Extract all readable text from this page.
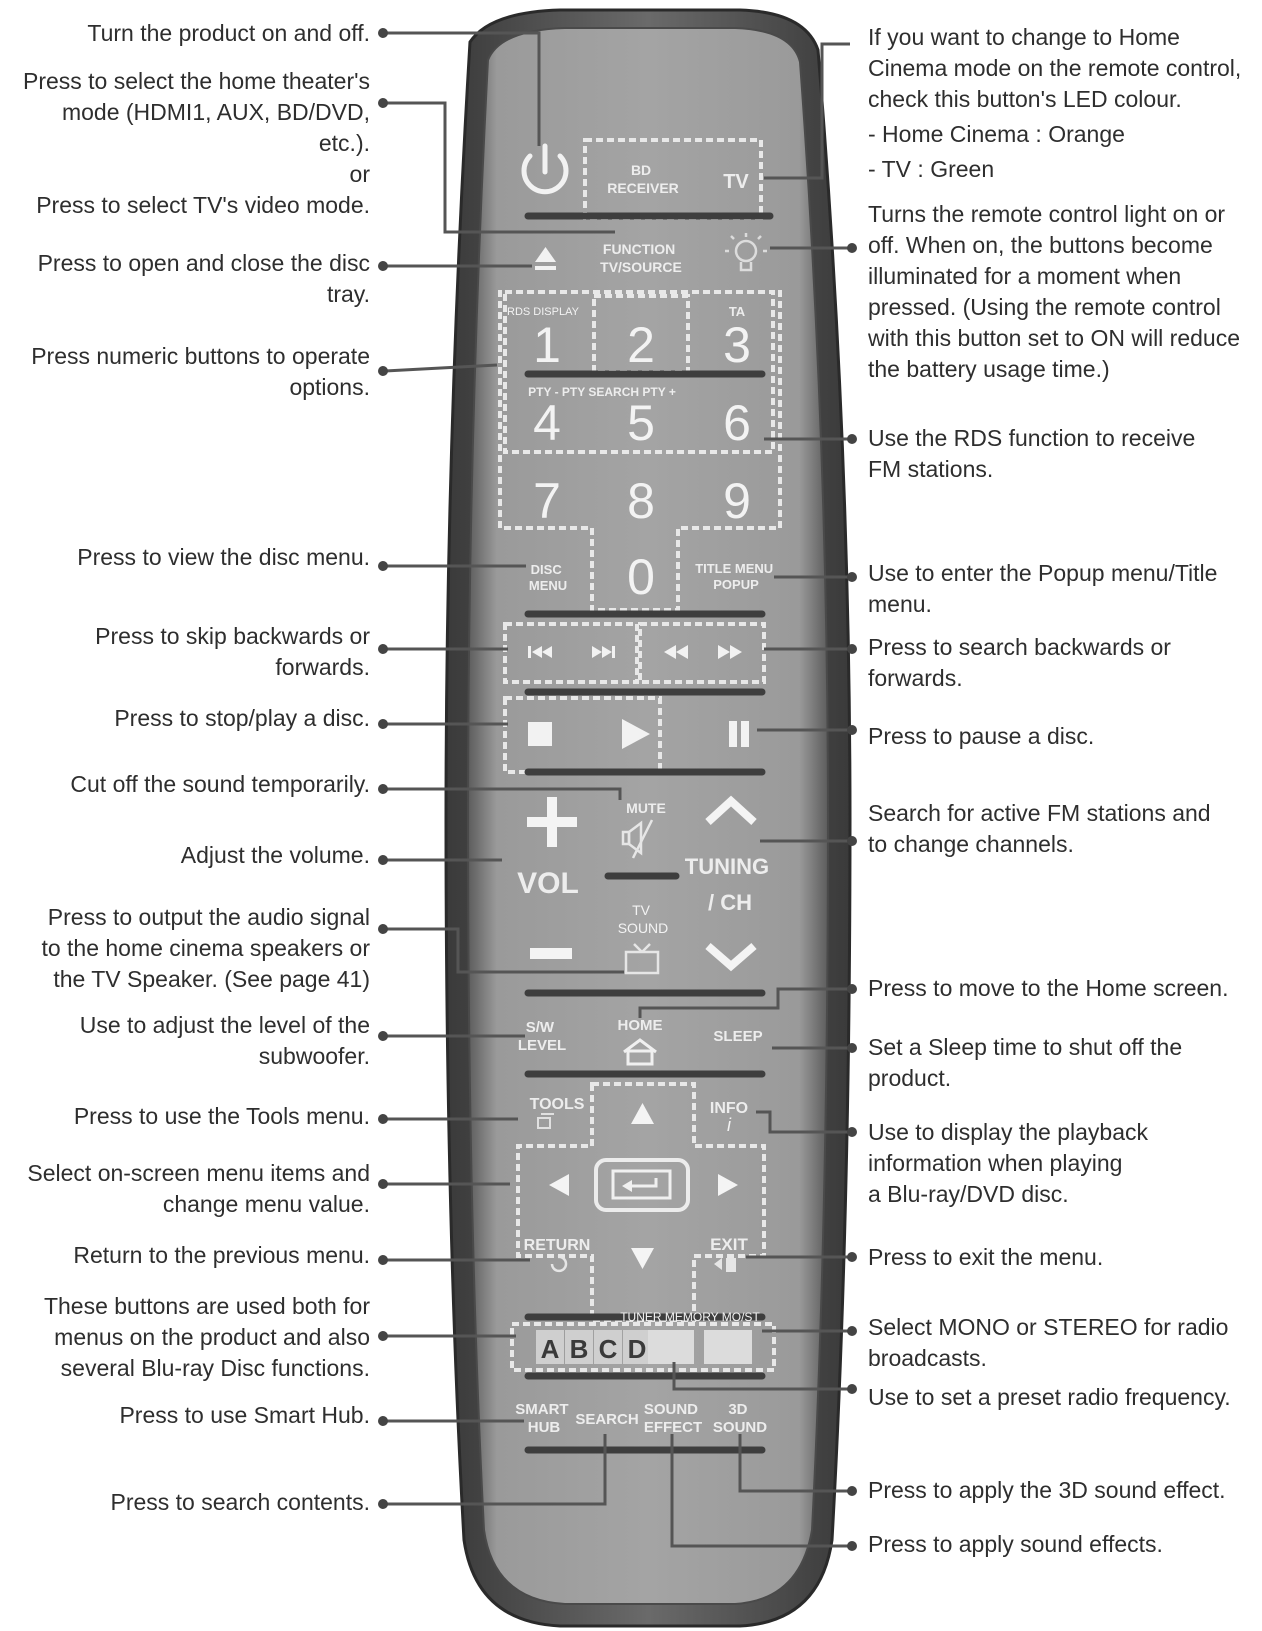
i
BD RECEIVER TV
FUNCTION TV/SOURCE
RDS DISPLAY	TA
PTY - PTY SEARCH PTY +
1 2 3
4 5 6
7 8 9
0
DISC MENU
TITLE MENU POPUP
MUTE
VOL
TUNING / CH
TV SOUND
S/W LEVEL
HOME
SLEEP
TOOLS	INFO
RETURN	EXIT
TUNER MEMORY MO/ST
A B C D
SMART HUB	SEARCH
SOUND EFFECT
3D SOUND
Turn the product on and off.
Press to select the home theater's
mode (HDMI1, AUX, BD/DVD,
etc.).
or
Press to select TV's video mode.
Press to open and close the disc
tray.
Press numeric buttons to operate
options.
Press to view the disc menu.
Press to skip backwards or
forwards.
Press to stop/play a disc.
Cut off the sound temporarily.
Adjust the volume.
Press to output the audio signal
to the home cinema speakers or
the TV Speaker. (See page 41)
Use to adjust the level of the
subwoofer.
Press to use the Tools menu.
Select on-screen menu items and
change menu value.
Return to the previous menu.
These buttons are used both for
menus on the product and also
several Blu-ray Disc functions.
Press to use Smart Hub.
Press to search contents.
If you want to change to Home
Cinema mode on the remote control,
check this button's LED colour.
- Home Cinema : Orange
- TV : Green
Turns the remote control light on or
off. When on, the buttons become
illuminated for a moment when
pressed. (Using the remote control
with this button set to ON will reduce
the battery usage time.)
Use the RDS function to receive
FM stations.
Use to enter the Popup menu/Title
menu.
Press to search backwards or
forwards.
Press to pause a disc.
Search for active FM stations and
to change channels.
Press to move to the Home screen.
Set a Sleep time to shut off the
product.
Use to display the playback
information when playing
a Blu-ray/DVD disc.
Press to exit the menu.
Select MONO or STEREO for radio
broadcasts.
Use to set a preset radio frequency.
Press to apply the 3D sound effect.
Press to apply sound effects.
